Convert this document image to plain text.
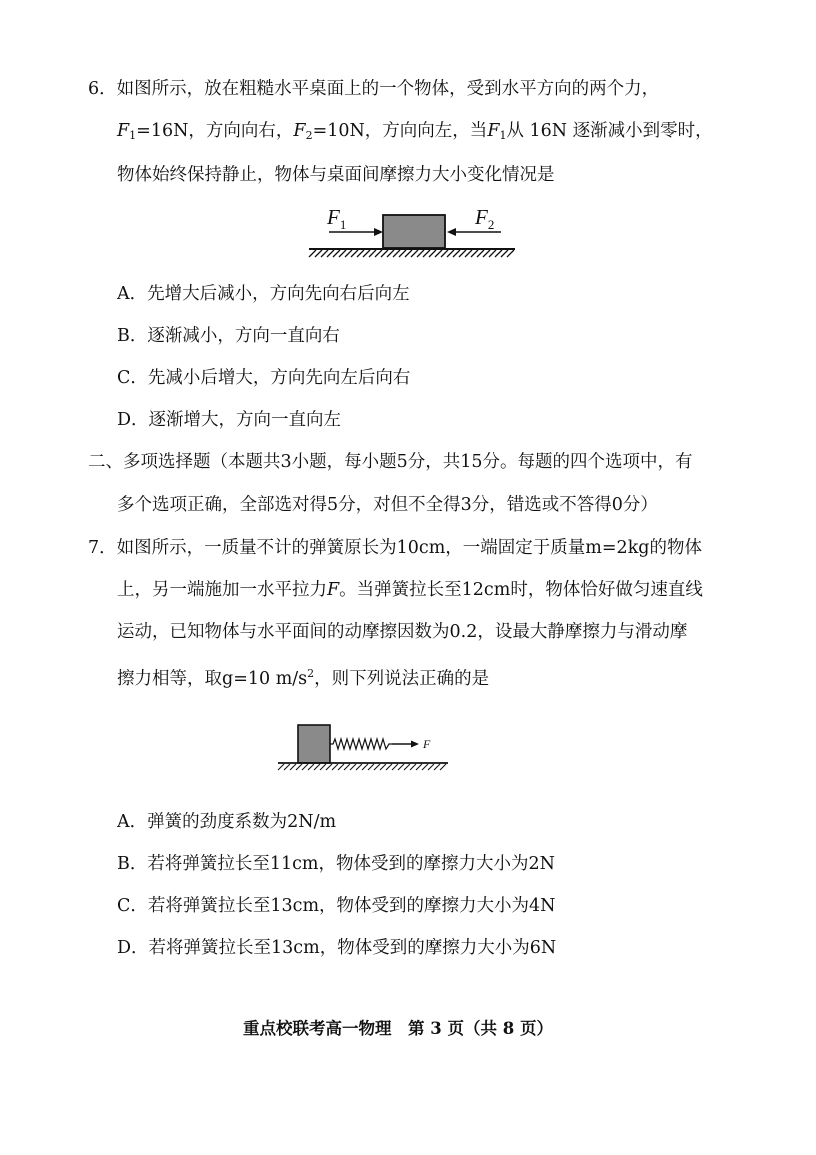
6．如图所示，放在粗糙水平桌面上的一个物体，受到水平方向的两个力，
$F_1=16N$，方向向右，$F_2=10N$，方向向左，当$F_1$从 16N 逐渐减小到零时，
物体始终保持静止，物体与桌面间摩擦力大小变化情况是
$F_1$	$F_2$
A．先增大后减小，方向先向右后向左
B．逐渐减小，方向一直向右
C．先减小后增大，方向先向左后向右
D．逐渐增大，方向一直向左
二、多项选择题（本题共3小题，每小题5分，共15分。每题的四个选项中，有
多个选项正确，全部选对得5分，对但不全得3分，错选或不答得0分）
7．如图所示，一质量不计的弹簧原长为10cm，一端固定于质量m=2kg的物体
上，另一端施加一水平拉力F。当弹簧拉长至12cm时，物体恰好做匀速直线
运动，已知物体与水平面间的动摩擦因数为0.2，设最大静摩擦力与滑动摩
擦力相等，取g=10 $m/s^2$，则下列说法正确的是
F
A．弹簧的劲度系数为2N/m
B．若将弹簧拉长至11cm，物体受到的摩擦力大小为2N
C．若将弹簧拉长至13cm，物体受到的摩擦力大小为4N
D．若将弹簧拉长至13cm，物体受到的摩擦力大小为6N
重点校联考高一物理　第 3 页（共 8 页）
